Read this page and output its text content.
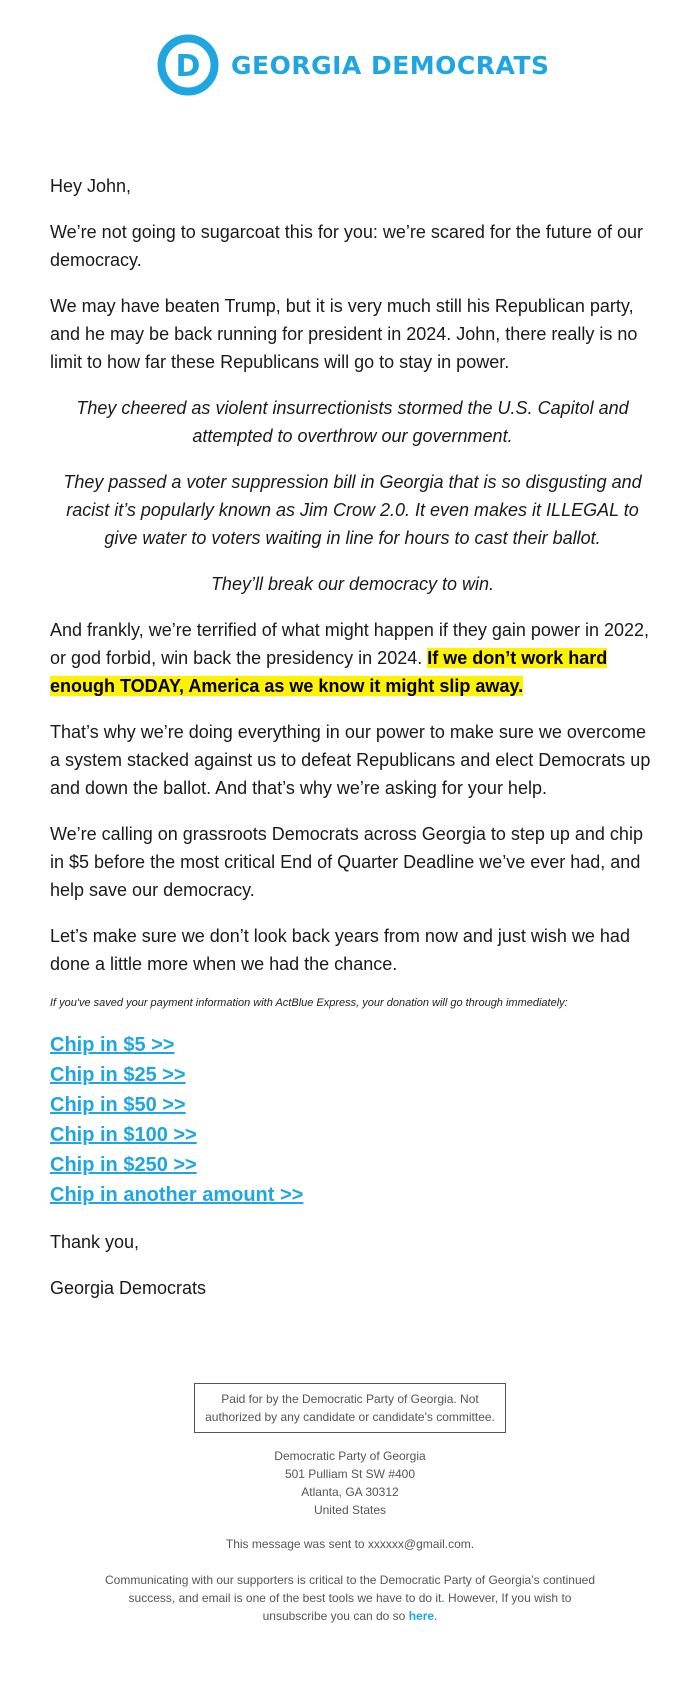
D GEORGIA DEMOCRATS

Hey John,

We’re not going to sugarcoat this for you: we’re scared for the future of our democracy.

We may have beaten Trump, but it is very much still his Republican party, and he may be back running for president in 2024. John, there really is no limit to how far these Republicans will go to stay in power.

They cheered as violent insurrectionists stormed the U.S. Capitol and attempted to overthrow our government.

They passed a voter suppression bill in Georgia that is so disgusting and racist it’s popularly known as Jim Crow 2.0. It even makes it ILLEGAL to give water to voters waiting in line for hours to cast their ballot.

They’ll break our democracy to win.

And frankly, we’re terrified of what might happen if they gain power in 2022, or god forbid, win back the presidency in 2024. If we don’t work hard enough TODAY, America as we know it might slip away.

That’s why we’re doing everything in our power to make sure we overcome a system stacked against us to defeat Republicans and elect Democrats up and down the ballot. And that’s why we’re asking for your help.

We’re calling on grassroots Democrats across Georgia to step up and chip in $5 before the most critical End of Quarter Deadline we’ve ever had, and help save our democracy.

Let’s make sure we don’t look back years from now and just wish we had done a little more when we had the chance.

If you've saved your payment information with ActBlue Express, your donation will go through immediately:

Chip in $5 >>
Chip in $25 >>
Chip in $50 >>
Chip in $100 >>
Chip in $250 >>
Chip in another amount >>

Thank you,

Georgia Democrats

Paid for by the Democratic Party of Georgia. Not authorized by any candidate or candidate's committee.
Democratic Party of Georgia
501 Pulliam St SW #400
Atlanta, GA 30312
United States
This message was sent to xxxxxx@gmail.com.
Communicating with our supporters is critical to the Democratic Party of Georgia’s continued success, and email is one of the best tools we have to do it. However, If you wish to unsubscribe you can do so here.
